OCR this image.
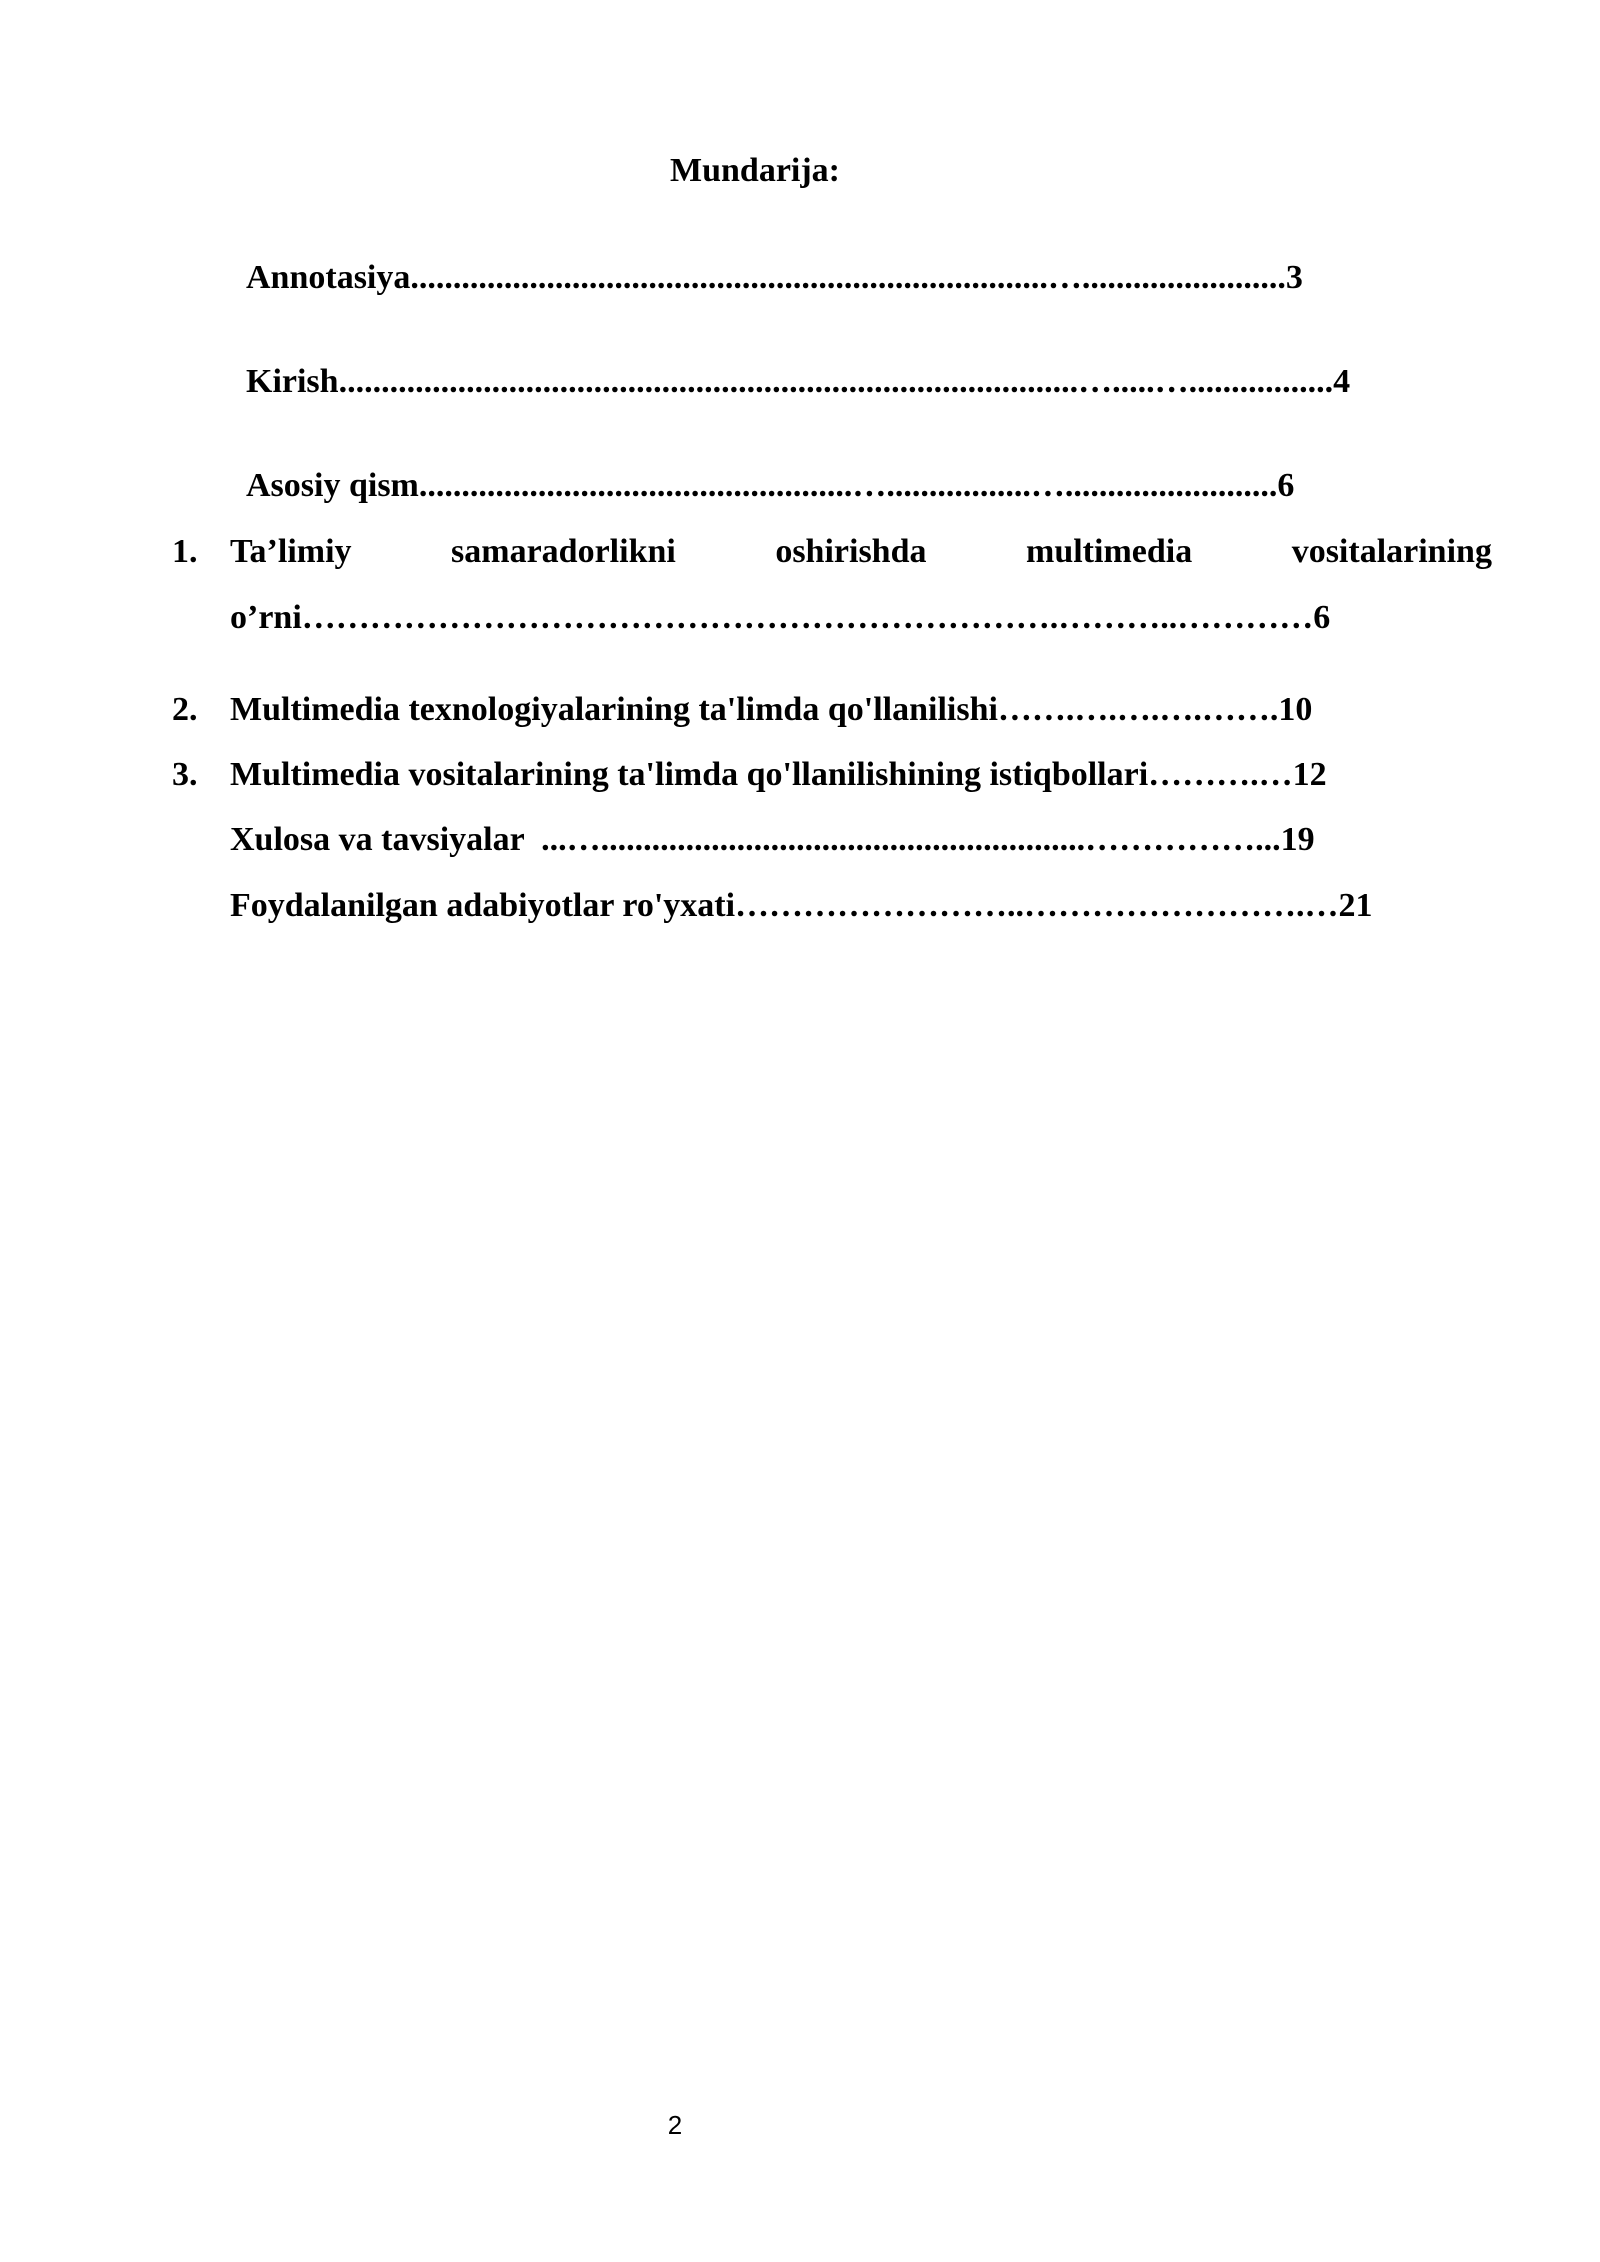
Mundarija:
Annotasiya...........................................................................…........................3
Kirish.......................................................................................….....….................4
Asosiy qism...................................................….................….........................6
1. Ta’limiy	samaradorlikni	oshirishda	multimedia	vositalarining
o’rni………………………………………………………….………..…………6
2. Multimedia texnologiyalarining ta'limda qo'llanilishi…….….….….…….10
3. Multimedia vositalarining ta'limda qo'llanilishining istiqbollari……….…12
Xulosa va tavsiyalar  ...….........................................................……………...19
Foydalanilgan adabiyotlar ro'yxati……………………..…………………….…21
2
